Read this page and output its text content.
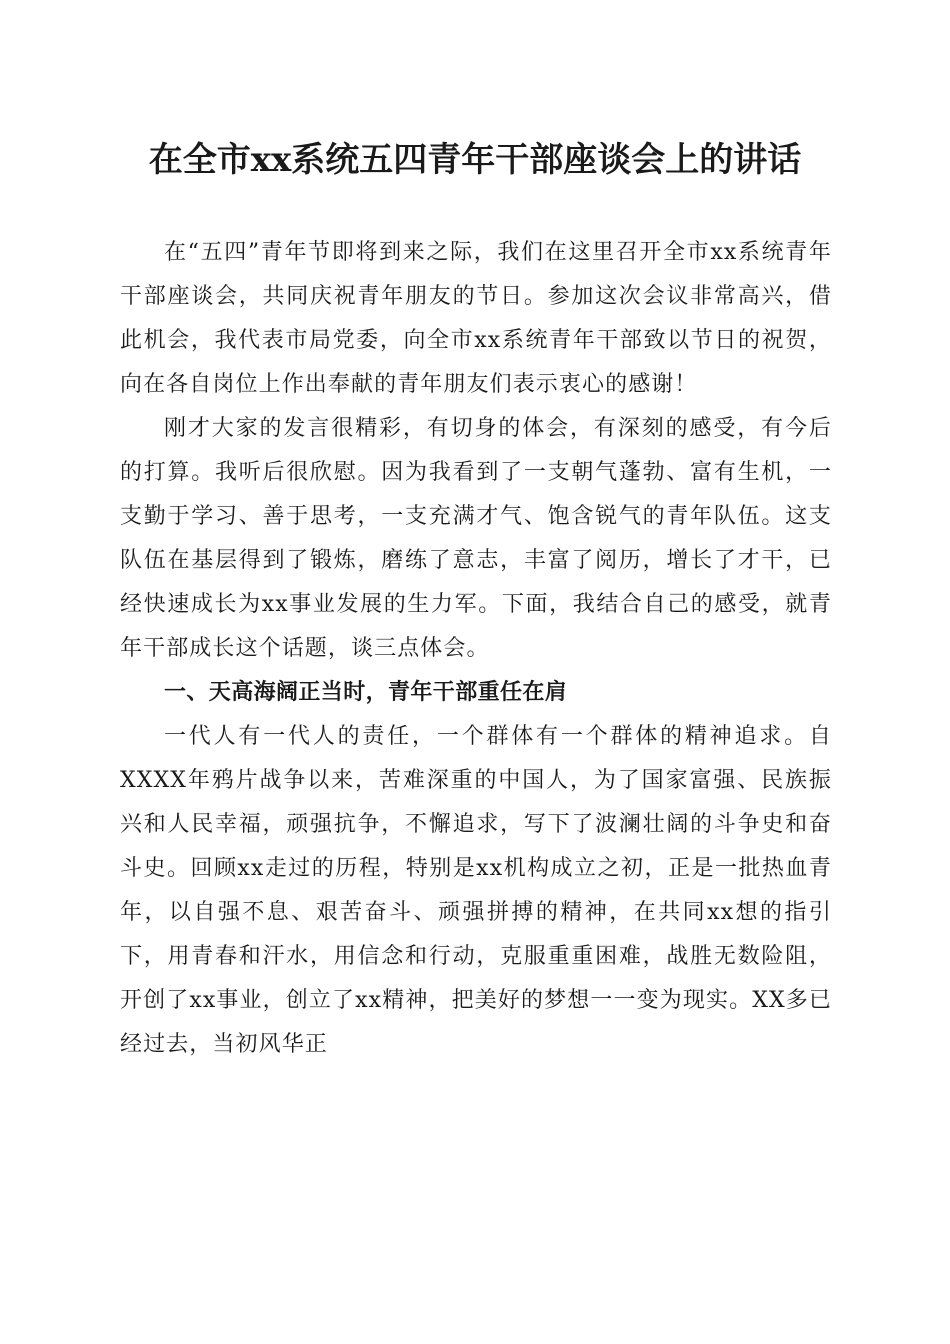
在全市xx系统五四青年干部座谈会上的讲话

在“五四”青年节即将到来之际，我们在这里召开全市xx系统青年干部座谈会，共同庆祝青年朋友的节日。参加这次会议非常高兴，借此机会，我代表市局党委，向全市xx系统青年干部致以节日的祝贺，向在各自岗位上作出奉献的青年朋友们表示衷心的感谢！

刚才大家的发言很精彩，有切身的体会，有深刻的感受，有今后的打算。我听后很欣慰。因为我看到了一支朝气蓬勃、富有生机，一支勤于学习、善于思考，一支充满才气、饱含锐气的青年队伍。这支队伍在基层得到了锻炼，磨练了意志，丰富了阅历，增长了才干，已经快速成长为xx事业发展的生力军。下面，我结合自己的感受，就青年干部成长这个话题，谈三点体会。

一、天高海阔正当时，青年干部重任在肩

一代人有一代人的责任，一个群体有一个群体的精神追求。自XXXX年鸦片战争以来，苦难深重的中国人，为了国家富强、民族振兴和人民幸福，顽强抗争，不懈追求，写下了波澜壮阔的斗争史和奋斗史。回顾xx走过的历程，特别是xx机构成立之初，正是一批热血青年，以自强不息、艰苦奋斗、顽强拼搏的精神，在共同xx想的指引下，用青春和汗水，用信念和行动，克服重重困难，战胜无数险阻，开创了xx事业，创立了xx精神，把美好的梦想一一变为现实。XX多已经过去，当初风华正
